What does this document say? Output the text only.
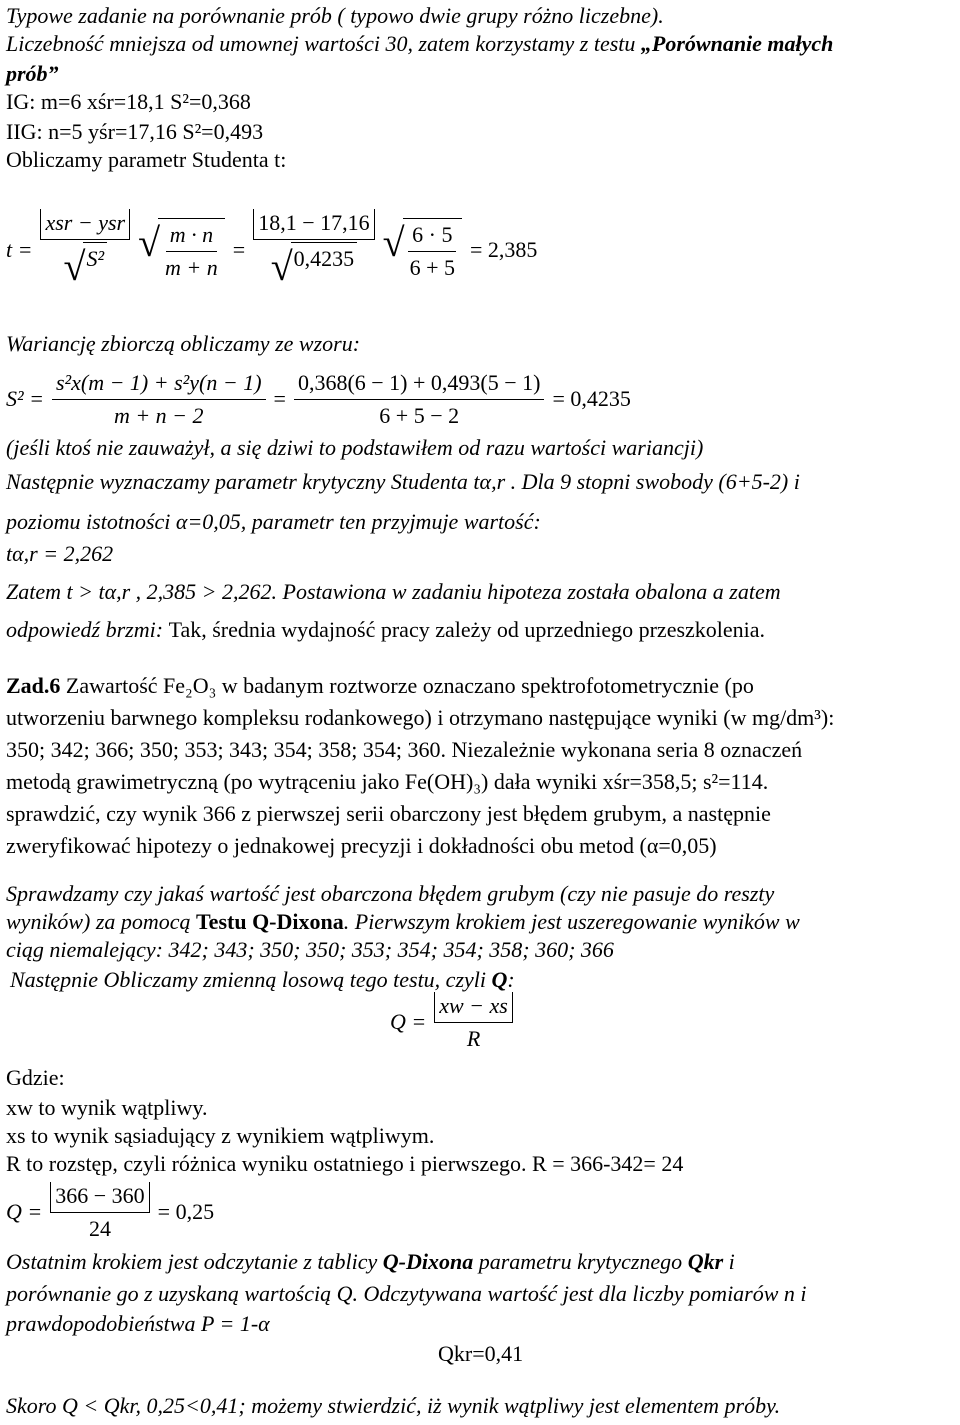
Typowe zadanie na porównanie prób ( typowo dwie grupy różno liczebne).
Liczebność mniejsza od umownej wartości 30, zatem korzystamy z testu „Porównanie małych
prób”
IG: m=6 xśr=18,1 S²=0,368
IIG: n=5 yśr=17,16 S²=0,493
Obliczamy parametr Studenta t:
$t = \frac{\text{xsr − ysr}}{\text{√ S²}}$ √ $\frac{m \cdot n}{m + n} = \frac{18,1 - 17,16}{√ 0,4235}$ √ $\frac{6 \cdot 5}{6 + 5} = 2,385$
Wariancję zbiorczą obliczamy ze wzoru:
$S^2 = \frac{\text{s²x(m − 1) + s²y(n − 1)}}{m + n - 2} = \frac{0,368(6 - 1) + 0,493(5 - 1)}{6 + 5 - 2} = 0,4235$
(jeśli ktoś nie zauważył, a się dziwi to podstawiłem od razu wartości wariancji)
Następnie wyznaczamy parametr krytyczny Studenta tα,r . Dla 9 stopni swobody (6+5-2) i
poziomu istotności α=0,05, parametr ten przyjmuje wartość:
tα,r = 2,262
Zatem t > tα,r , 2,385 > 2,262. Postawiona w zadaniu hipoteza została obalona a zatem
odpowiedź brzmi: Tak, średnia wydajność pracy zależy od uprzedniego przeszkolenia.
Zad.6 Zawartość Fe₂O₃ w badanym roztworze oznaczano spektrofotometrycznie (po
utworzeniu barwnego kompleksu rodankowego) i otrzymano następujące wyniki (w mg/dm³):
350; 342; 366; 350; 353; 343; 354; 358; 354; 360. Niezależnie wykonana seria 8 oznaczeń
metodą grawimetryczną (po wytrąceniu jako Fe(OH)₃) dała wyniki xśr=358,5; s²=114.
sprawdzić, czy wynik 366 z pierwszej serii obarczony jest błędem grubym, a następnie
zweryfikować hipotezy o jednakowej precyzji i dokładności obu metod (α=0,05)
Sprawdzamy czy jakaś wartość jest obarczona błędem grubym (czy nie pasuje do reszty
wyników) za pomocą Testu Q-Dixona. Pierwszym krokiem jest uszeregowanie wyników w
ciąg niemalejący: 342; 343; 350; 350; 353; 354; 354; 358; 360; 366
Następnie Obliczamy zmienną losową tego testu, czyli Q:
$Q = \frac{xw - xs}{R}$
Gdzie:
xw to wynik wątpliwy.
xs to wynik sąsiadujący z wynikiem wątpliwym.
R to rozstęp, czyli różnica wyniku ostatniego i pierwszego. R = 366-342= 24
$Q = \frac{366 - 360}{24} = 0,25$
Ostatnim krokiem jest odczytanie z tablicy Q-Dixona parametru krytycznego Qkr i
porównanie go z uzyskaną wartością Q. Odczytywana wartość jest dla liczby pomiarów n i
prawdopodobieństwa P = 1-α
Qkr=0,41
Skoro Q < Qkr, 0,25<0,41; możemy stwierdzić, iż wynik wątpliwy jest elementem próby.
